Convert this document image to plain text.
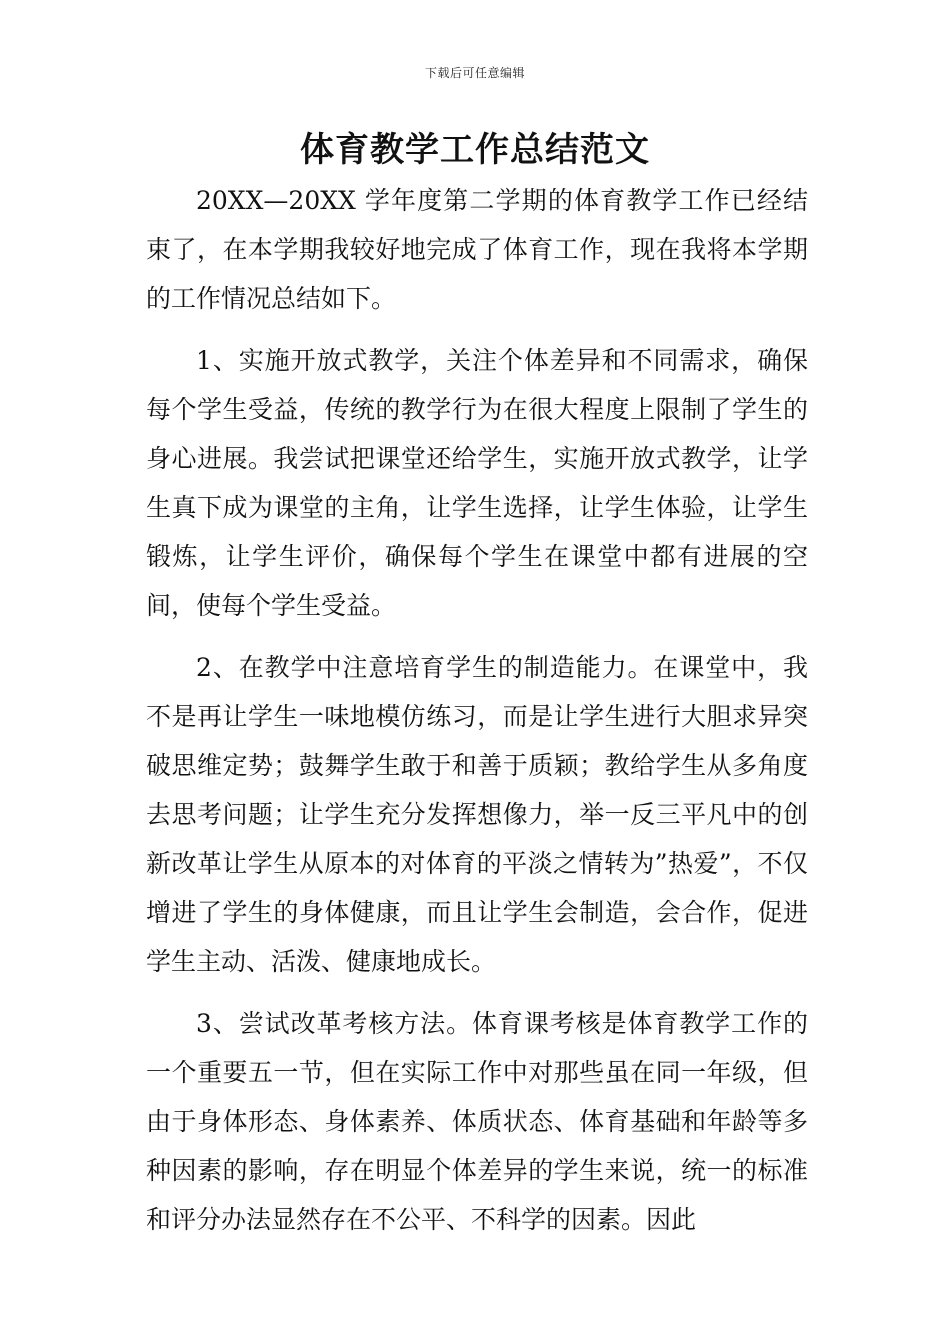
下载后可任意编辑
体育教学工作总结范文

20XX—20XX 学年度第二学期的体育教学工作已经结束了，在本学期我较好地完成了体育工作，现在我将本学期的工作情况总结如下。

1、实施开放式教学，关注个体差异和不同需求，确保每个学生受益，传统的教学行为在很大程度上限制了学生的身心进展。我尝试把课堂还给学生，实施开放式教学，让学生真下成为课堂的主角，让学生选择，让学生体验，让学生锻炼，让学生评价，确保每个学生在课堂中都有进展的空间，使每个学生受益。

2、在教学中注意培育学生的制造能力。在课堂中，我不是再让学生一味地模仿练习，而是让学生进行大胆求异突破思维定势；鼓舞学生敢于和善于质颖；教给学生从多角度去思考问题；让学生充分发挥想像力，举一反三平凡中的创新改革让学生从原本的对体育的平淡之情转为”热爱”，不仅增进了学生的身体健康，而且让学生会制造，会合作，促进学生主动、活泼、健康地成长。

3、尝试改革考核方法。体育课考核是体育教学工作的一个重要五一节，但在实际工作中对那些虽在同一年级，但由于身体形态、身体素养、体质状态、体育基础和年龄等多种因素的影响，存在明显个体差异的学生来说，统一的标准和评分办法显然存在不公平、不科学的因素。因此
